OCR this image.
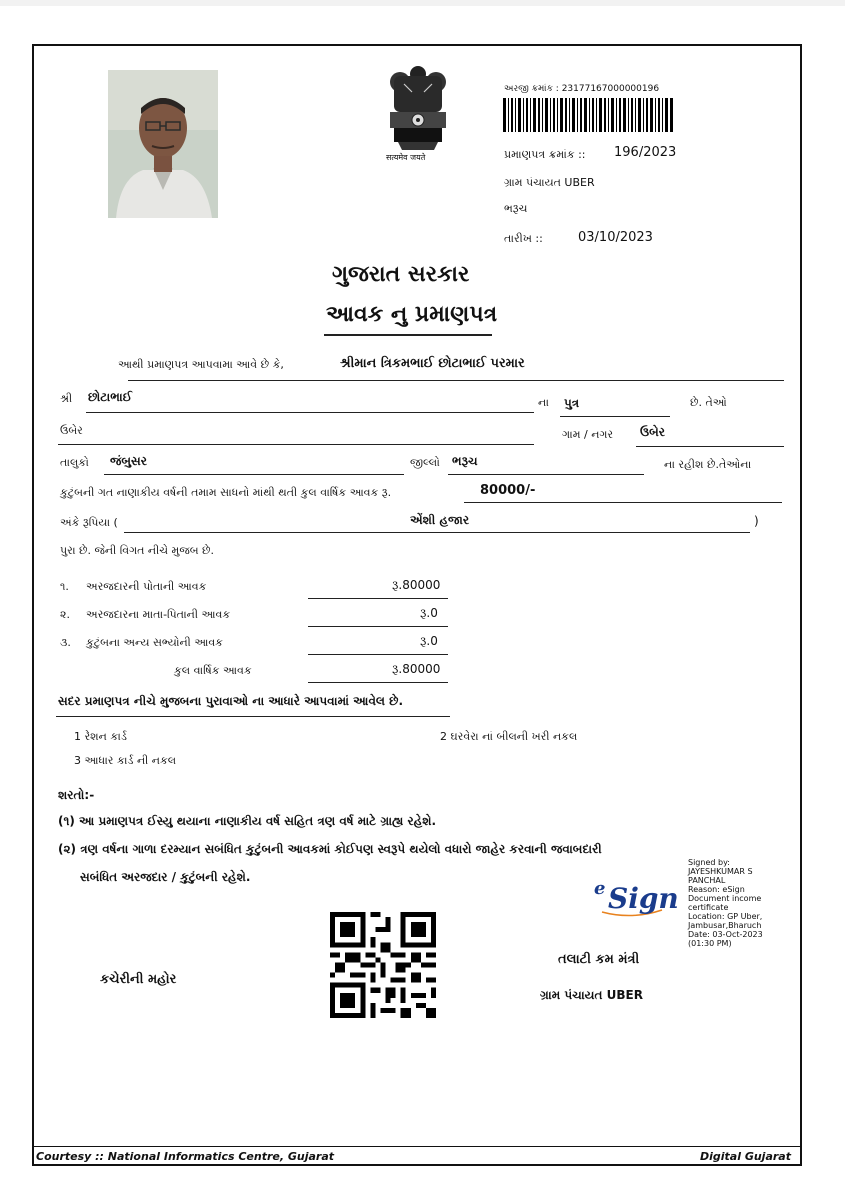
सत्यमेव जयते
અરજી ક્રમાંક : 23177167000000196
પ્રમાણપત્ર ક્રમાંક :: 196/2023
ગ્રામ પંચાયત UBER
ભરૂચ
તારીખ ::	03/10/2023
ગુજરાત સરકાર
આવક નુ પ્રમાણપત્ર
આથી પ્રમાણપત્ર આપવામા આવે છે કે,	શ્રીમાન ત્રિકમભાઈ છોટાભાઈ પરમાર
શ્રી છોટાભાઈ	ના પુત્ર	છે. તેઓ
ઉબેર	ગામ / નગર ઉબેર
તાલુકો જંબુસર	જીલ્લો ભરૂચ	ના રહીશ છે.તેઓના
કુટુંબની ગત નાણાકીય વર્ષની તમામ સાધનો માંથી થતી કુલ વાર્ષિક આવક રૂ.	80000/-
અંકે રૂપિયા (	એંશી હજાર	)
પુરા છે. જેની વિગત નીચે મુજબ છે.
૧. અરજદારની પોતાની આવક	રૂ.80000
૨. અરજદારના માતા-પિતાની આવક	રૂ.0
૩. કુટુંબના અન્ય સભ્યોની આવક	રૂ.0
કુલ વાર્ષિક આવક	રૂ.80000
સદર પ્રમાણપત્ર નીચે મુજબના પુરાવાઓ ના આધારે આપવામાં આવેલ છે.
1 રેશન કાર્ડ	2 ઘરવેરા નાં બીલની ખરી નકલ
3 આધાર કાર્ડ ની નકલ
શરતો:-
(૧) આ પ્રમાણપત્ર ઈસ્યુ થયાના નાણાકીય વર્ષ સહિત ત્રણ વર્ષ માટે ગ્રાહ્ય રહેશે.
(૨) ત્રણ વર્ષના ગાળા દરમ્યાન સબંધિત કુટુંબની આવકમાં કોઈપણ સ્વરૂપે થયેલો વધારો જાહેર કરવાની જવાબદારી
સબંધિત અરજદાર / કુટુંબની રહેશે.
Signed by:
JAYESHKUMAR S
PANCHAL
Reason: eSign
Document income
certificate
Location: GP Uber,
Jambusar,Bharuch
Date: 03-Oct-2023
(01:30 PM)
e Sign
કચેરીની મહોર
તલાટી કમ મંત્રી
ગ્રામ પંચાયત UBER
Courtesy :: National Informatics Centre, Gujarat	Digital Gujarat
